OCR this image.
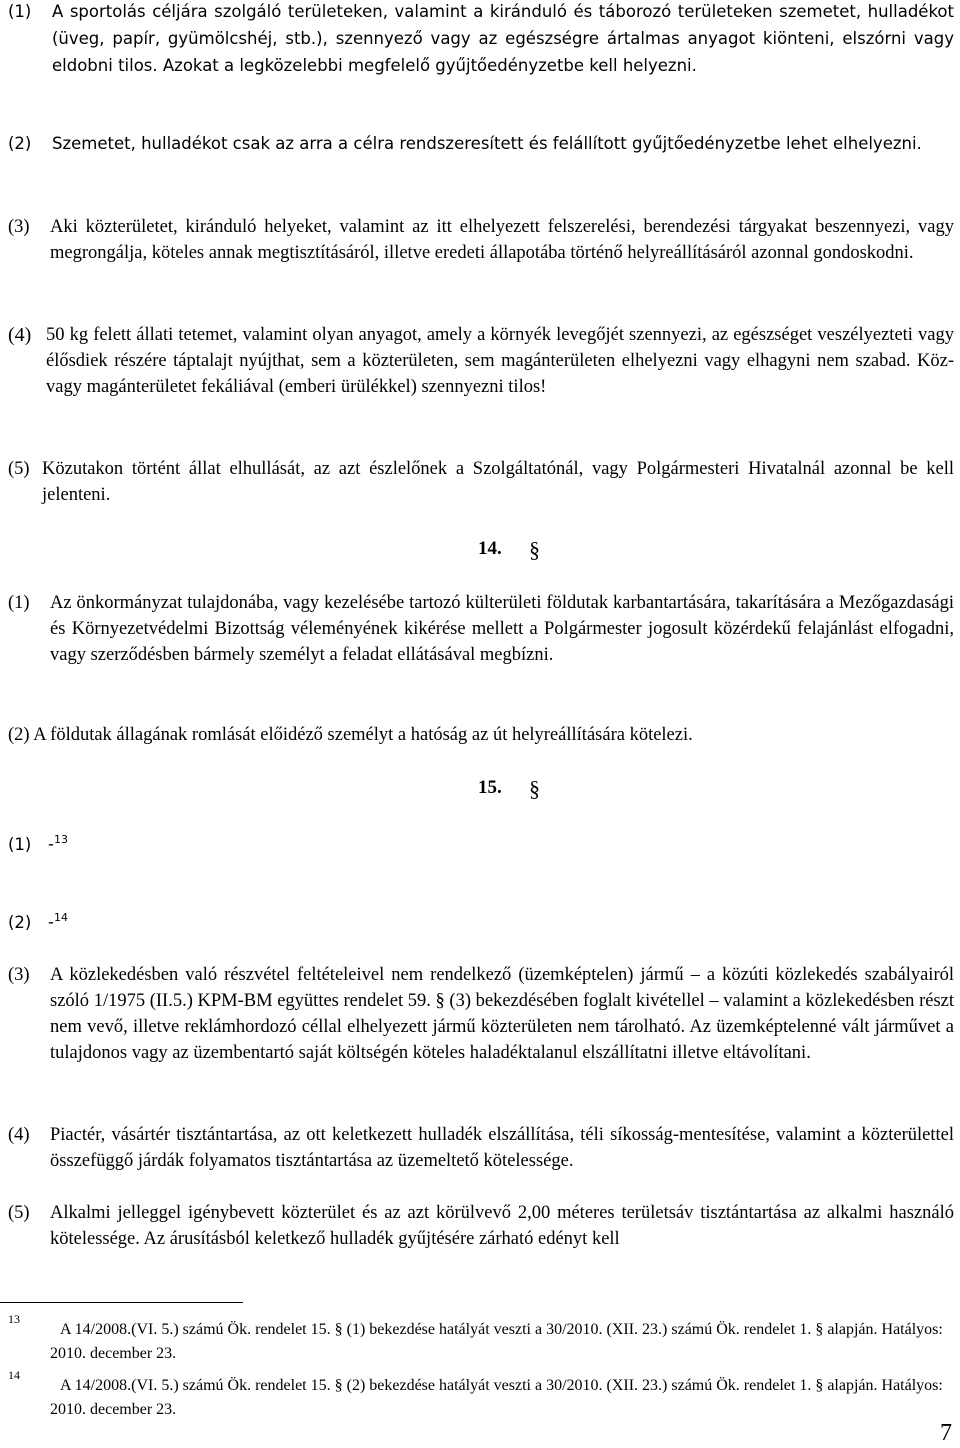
(1)	A sportolás céljára szolgáló területeken, valamint a kiránduló és táborozó területeken szemetet, hulladékot (üveg, papír, gyümölcshéj, stb.), szennyező vagy az egészségre ártalmas anyagot kiönteni, elszórni vagy eldobni tilos. Azokat a legközelebbi megfelelő gyűjtőedényzetbe kell helyezni.
(2)	Szemetet, hulladékot csak az arra a célra rendszeresített és felállított gyűjtőedényzetbe lehet elhelyezni.
(3)	Aki közterületet, kiránduló helyeket, valamint az itt elhelyezett felszerelési, berendezési tárgyakat beszennyezi, vagy megrongálja, köteles annak megtisztításáról, illetve eredeti állapotába történő helyreállításáról azonnal gondoskodni.
(4) 50 kg felett állati tetemet, valamint olyan anyagot, amely a környék levegőjét szennyezi, az egészséget veszélyezteti vagy élősdiek részére táptalajt nyújthat, sem a közterületen, sem magánterületen elhelyezni vagy elhagyni nem szabad. Köz- vagy magánterületet fekáliával (emberi ürülékkel) szennyezni tilos!
(5) Közutakon történt állat elhullását, az azt észlelőnek a Szolgáltatónál, vagy Polgármesteri Hivatalnál azonnal be kell jelenteni.
14. §
(1)	Az önkormányzat tulajdonába, vagy kezelésébe tartozó külterületi földutak karbantartására, takarítására a Mezőgazdasági és Környezetvédelmi Bizottság véleményének kikérése mellett a Polgármester jogosult közérdekű felajánlást elfogadni, vagy szerződésben bármely személyt a feladat ellátásával megbízni.
(2) A földutak állagának romlását előidéző személyt a hatóság az út helyreállítására kötelezi.
15. §
(1) -$^{13}$
(2) -$^{14}$
(3)	A közlekedésben való részvétel feltételeivel nem rendelkező (üzemképtelen) jármű – a közúti közlekedés szabályairól szóló 1/1975 (II.5.) KPM-BM együttes rendelet 59. § (3) bekezdésében foglalt kivétellel – valamint a közlekedésben részt nem vevő, illetve reklámhordozó céllal elhelyezett jármű közterületen nem tárolható. Az üzemképtelenné vált járművet a tulajdonos vagy az üzembentartó saját költségén köteles haladéktalanul elszállítatni illetve eltávolítani.
(4)	Piactér, vásártér tisztántartása, az ott keletkezett hulladék elszállítása, téli síkosság-mentesítése, valamint a közterülettel összefüggő járdák folyamatos tisztántartása az üzemeltető kötelessége.
(5)	Alkalmi jelleggel igénybevett közterület és az azt körülvevő 2,00 méteres területsáv tisztántartása az alkalmi használó kötelessége. Az árusításból keletkező hulladék gyűjtésére zárható edényt kell
13
A 14/2008.(VI. 5.) számú Ök. rendelet 15. § (1) bekezdése hatályát veszti a 30/2010. (XII. 23.) számú Ök. rendelet 1. § alapján. Hatályos: 2010. december 23.
14
A 14/2008.(VI. 5.) számú Ök. rendelet 15. § (2) bekezdése hatályát veszti a 30/2010. (XII. 23.) számú Ök. rendelet 1. § alapján. Hatályos: 2010. december 23.
7
